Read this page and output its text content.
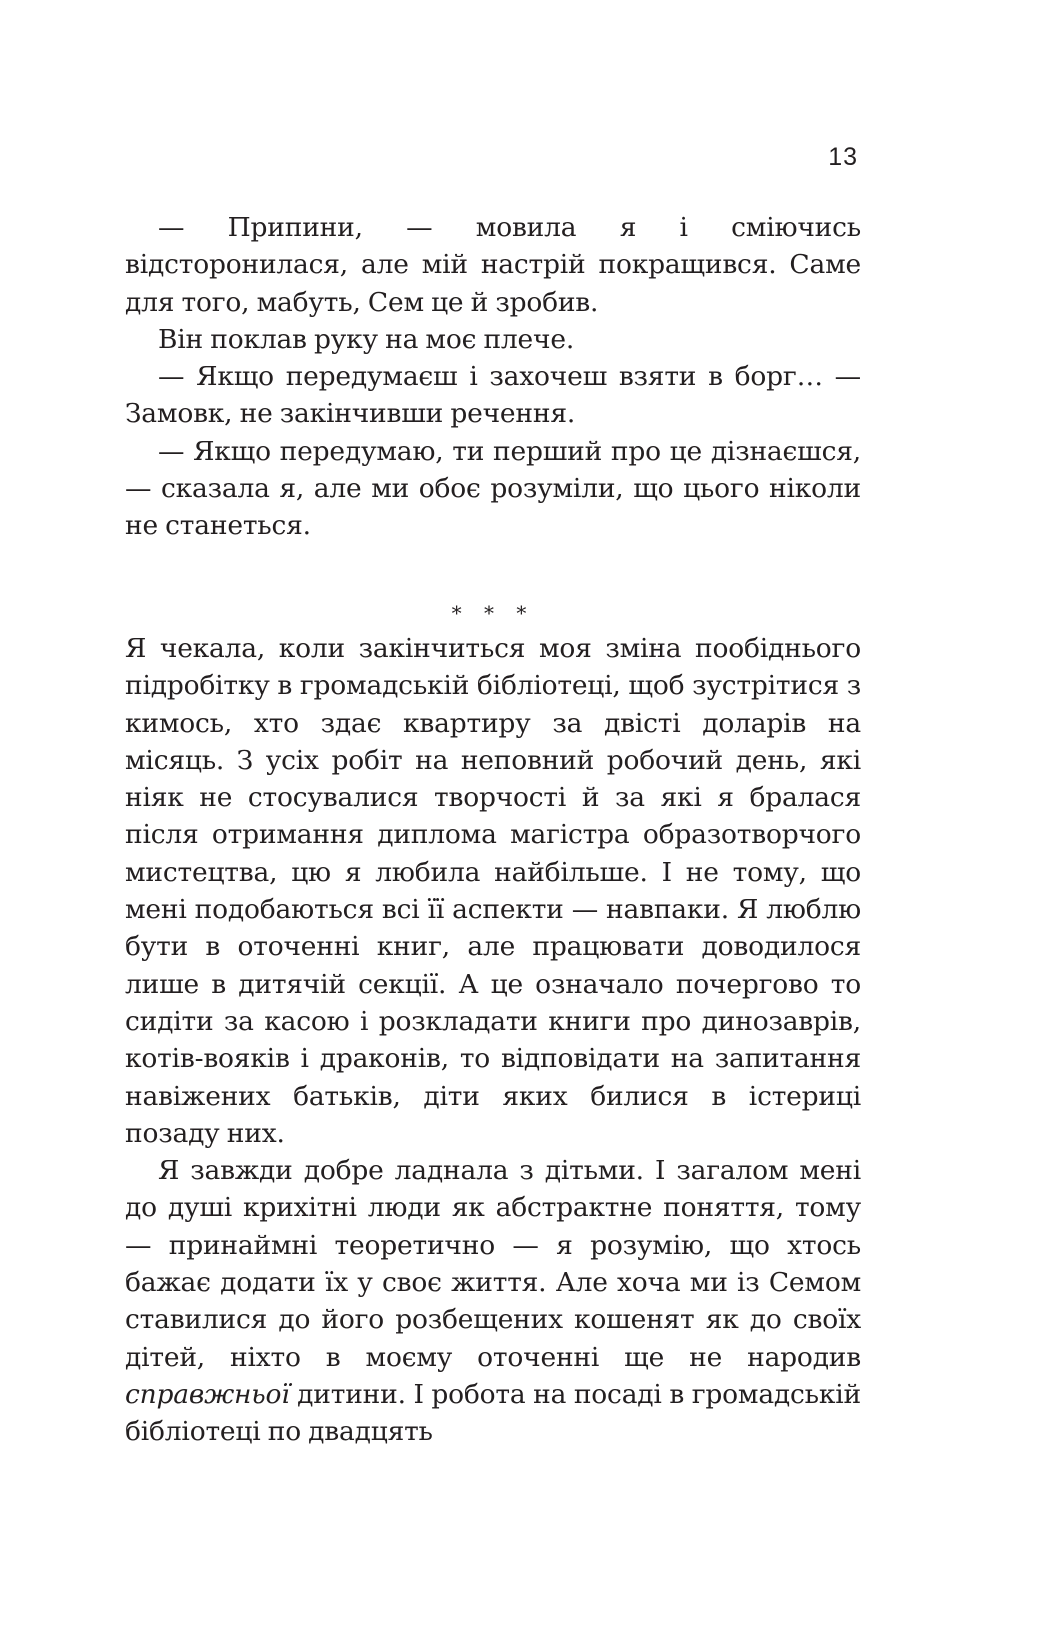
13

— Припини, — мовила я і сміючись відсторонилася, але мій настрій покращився. Саме для того, мабуть, Сем це й зробив.

Він поклав руку на моє плече.

— Якщо передумаєш і захочеш взяти в борг… — Замовк, не закінчивши речення.

— Якщо передумаю, ти перший про це дізнаєшся, — сказала я, але ми обоє розуміли, що цього ніколи не станеться.

* * *

Я чекала, коли закінчиться моя зміна пообіднього підробітку в громадській бібліотеці, щоб зустрітися з кимось, хто здає квартиру за двісті доларів на місяць. З усіх робіт на неповний робочий день, які ніяк не стосувалися творчості й за які я бралася після отримання диплома магістра образотворчого мистецтва, цю я любила найбільше. І не тому, що мені подобаються всі її аспекти — навпаки. Я люблю бути в оточенні книг, але працювати доводилося лише в дитячій секції. А це означало почергово то сидіти за касою і розкладати книги про динозаврів, котів-вояків і драконів, то відповідати на запитання навіжених батьків, діти яких билися в істериці позаду них.

Я завжди добре ладнала з дітьми. І загалом мені до душі крихітні люди як абстрактне поняття, тому — принаймні теоретично — я розумію, що хтось бажає додати їх у своє життя. Але хоча ми із Семом ставилися до його розбещених кошенят як до своїх дітей, ніхто в моєму оточенні ще не народив справжньої дитини. І робота на посаді в громадській бібліотеці по двадцять
